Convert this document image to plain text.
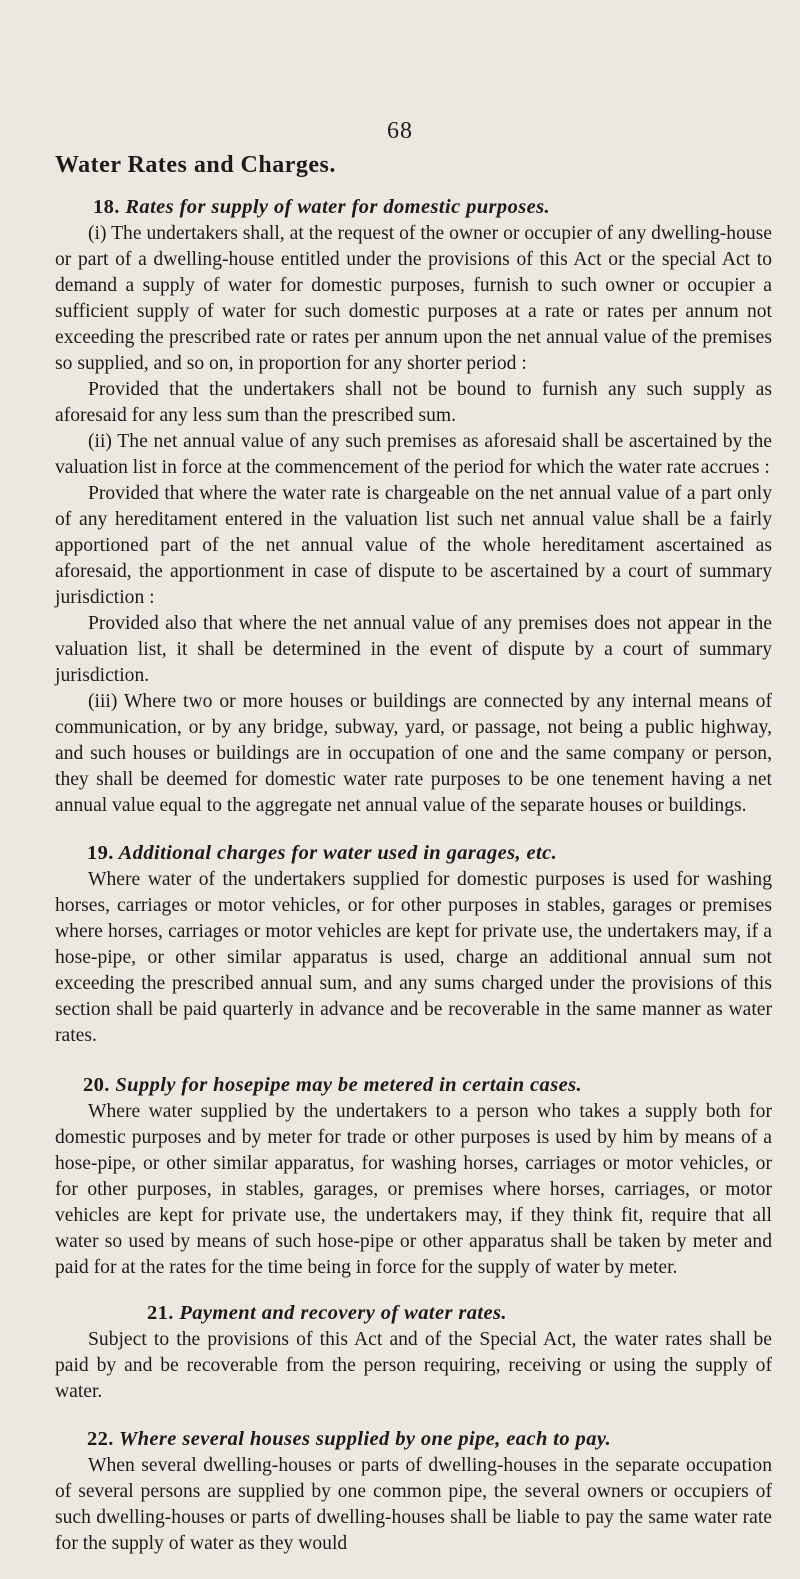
68
Water Rates and Charges.
18. Rates for supply of water for domestic purposes.

(i) The undertakers shall, at the request of the owner or occupier of any dwelling-house or part of a dwelling-house entitled under the provisions of this Act or the special Act to demand a supply of water for domestic purposes, furnish to such owner or occupier a sufficient supply of water for such domestic purposes at a rate or rates per annum not exceeding the prescribed rate or rates per annum upon the net annual value of the premises so supplied, and so on, in proportion for any shorter period :

Provided that the undertakers shall not be bound to furnish any such supply as aforesaid for any less sum than the prescribed sum.

(ii) The net annual value of any such premises as aforesaid shall be ascertained by the valuation list in force at the commencement of the period for which the water rate accrues :

Provided that where the water rate is chargeable on the net annual value of a part only of any hereditament entered in the valuation list such net annual value shall be a fairly apportioned part of the net annual value of the whole hereditament ascertained as aforesaid, the apportionment in case of dispute to be ascertained by a court of summary jurisdiction :

Provided also that where the net annual value of any premises does not appear in the valuation list, it shall be determined in the event of dispute by a court of summary jurisdiction.

(iii) Where two or more houses or buildings are connected by any internal means of communication, or by any bridge, subway, yard, or passage, not being a public highway, and such houses or buildings are in occupation of one and the same company or person, they shall be deemed for domestic water rate purposes to be one tenement having a net annual value equal to the aggregate net annual value of the separate houses or buildings.

19. Additional charges for water used in garages, etc.

Where water of the undertakers supplied for domestic purposes is used for washing horses, carriages or motor vehicles, or for other purposes in stables, garages or premises where horses, carriages or motor vehicles are kept for private use, the undertakers may, if a hose-pipe, or other similar apparatus is used, charge an additional annual sum not exceeding the prescribed annual sum, and any sums charged under the provisions of this section shall be paid quarterly in advance and be recoverable in the same manner as water rates.

20. Supply for hosepipe may be metered in certain cases.

Where water supplied by the undertakers to a person who takes a supply both for domestic purposes and by meter for trade or other purposes is used by him by means of a hose-pipe, or other similar apparatus, for washing horses, carriages or motor vehicles, or for other purposes, in stables, garages, or premises where horses, carriages, or motor vehicles are kept for private use, the undertakers may, if they think fit, require that all water so used by means of such hose-pipe or other apparatus shall be taken by meter and paid for at the rates for the time being in force for the supply of water by meter.

21. Payment and recovery of water rates.

Subject to the provisions of this Act and of the Special Act, the water rates shall be paid by and be recoverable from the person requiring, receiving or using the supply of water.

22. Where several houses supplied by one pipe, each to pay.

When several dwelling-houses or parts of dwelling-houses in the separate occupation of several persons are supplied by one common pipe, the several owners or occupiers of such dwelling-houses or parts of dwelling-houses shall be liable to pay the same water rate for the supply of water as they would
